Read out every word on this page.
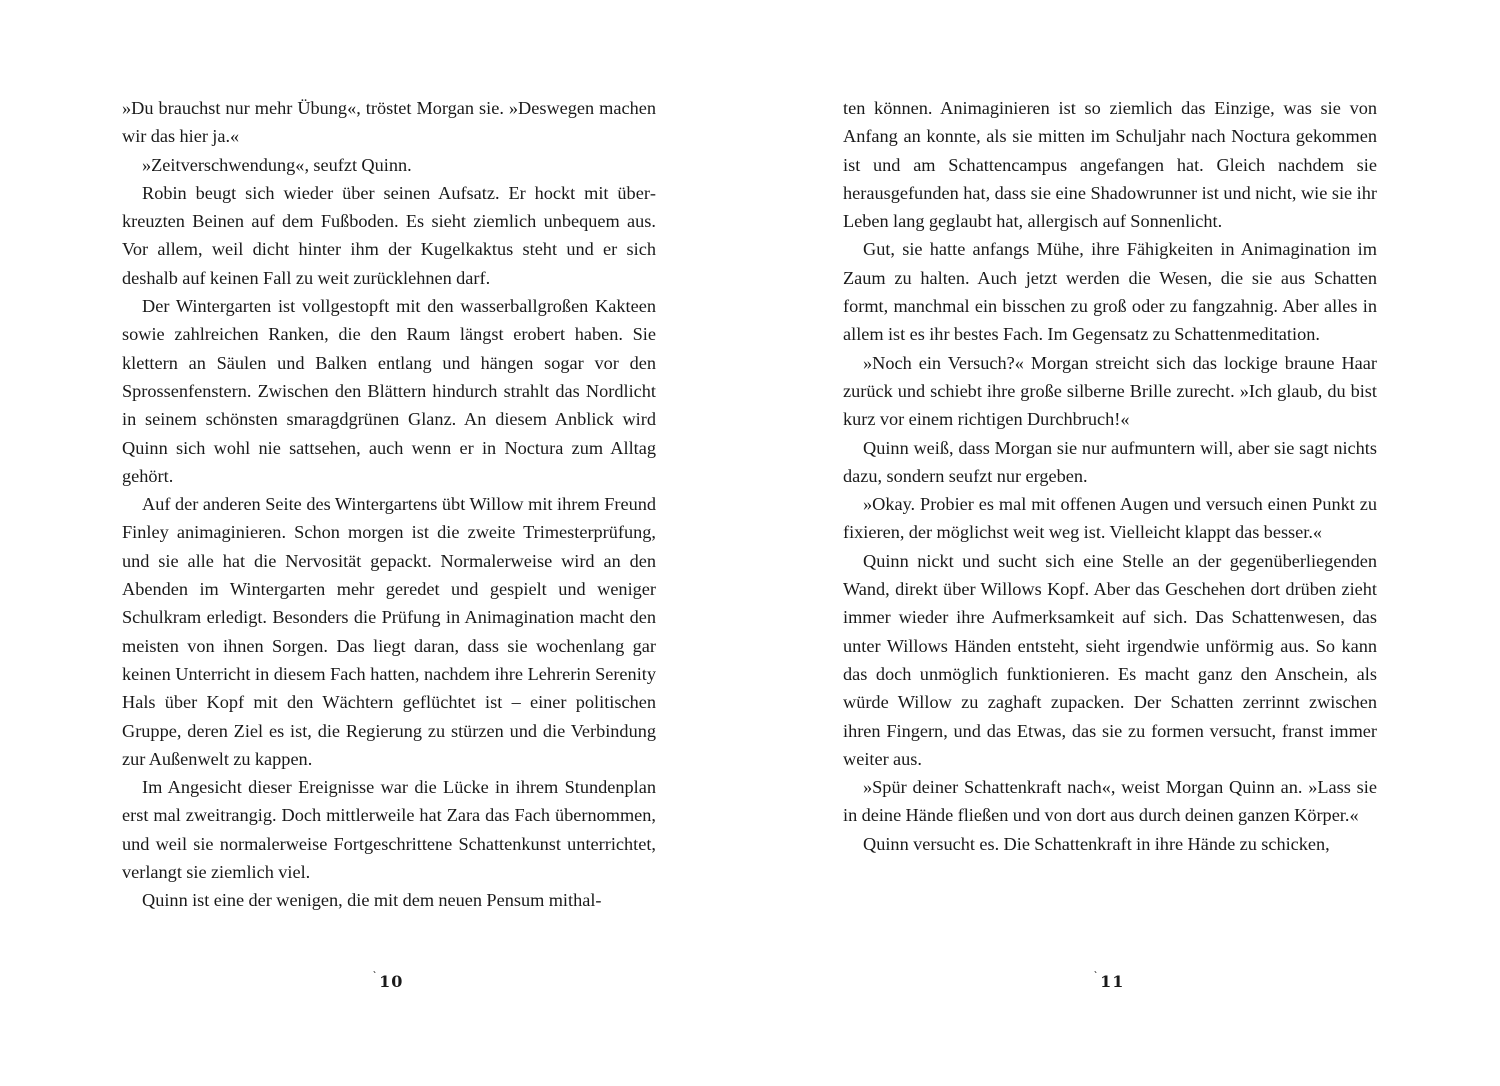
»Du brauchst nur mehr Übung«, tröstet Morgan sie. »Deswegen machen wir das hier ja.«

»Zeitverschwendung«, seufzt Quinn.

Robin beugt sich wieder über seinen Aufsatz. Er hockt mit überkreuzten Beinen auf dem Fußboden. Es sieht ziemlich unbequem aus. Vor allem, weil dicht hinter ihm der Kugelkaktus steht und er sich deshalb auf keinen Fall zu weit zurücklehnen darf.

Der Wintergarten ist vollgestopft mit den wasserballgroßen Kakteen sowie zahlreichen Ranken, die den Raum längst erobert haben. Sie klettern an Säulen und Balken entlang und hängen sogar vor den Sprossenfenstern. Zwischen den Blättern hindurch strahlt das Nordlicht in seinem schönsten smaragdgrünen Glanz. An diesem Anblick wird Quinn sich wohl nie sattsehen, auch wenn er in Noctura zum Alltag gehört.

Auf der anderen Seite des Wintergartens übt Willow mit ihrem Freund Finley animaginieren. Schon morgen ist die zweite Trimesterprüfung, und sie alle hat die Nervosität gepackt. Normalerweise wird an den Abenden im Wintergarten mehr geredet und gespielt und weniger Schulkram erledigt. Besonders die Prüfung in Animagination macht den meisten von ihnen Sorgen. Das liegt daran, dass sie wochenlang gar keinen Unterricht in diesem Fach hatten, nachdem ihre Lehrerin Serenity Hals über Kopf mit den Wächtern geflüchtet ist – einer politischen Gruppe, deren Ziel es ist, die Regierung zu stürzen und die Verbindung zur Außenwelt zu kappen.

Im Angesicht dieser Ereignisse war die Lücke in ihrem Stundenplan erst mal zweitrangig. Doch mittlerweile hat Zara das Fach übernommen, und weil sie normalerweise Fortgeschrittene Schattenkunst unterrichtet, verlangt sie ziemlich viel.

Quinn ist eine der wenigen, die mit dem neuen Pensum mithal-

$^ˋ$10

ten können. Animaginieren ist so ziemlich das Einzige, was sie von Anfang an konnte, als sie mitten im Schuljahr nach Noctura gekommen ist und am Schattencampus angefangen hat. Gleich nachdem sie herausgefunden hat, dass sie eine Shadowrunner ist und nicht, wie sie ihr Leben lang geglaubt hat, allergisch auf Sonnenlicht.

Gut, sie hatte anfangs Mühe, ihre Fähigkeiten in Animagination im Zaum zu halten. Auch jetzt werden die Wesen, die sie aus Schatten formt, manchmal ein bisschen zu groß oder zu fangzahnig. Aber alles in allem ist es ihr bestes Fach. Im Gegensatz zu Schattenmeditation.

»Noch ein Versuch?« Morgan streicht sich das lockige braune Haar zurück und schiebt ihre große silberne Brille zurecht. »Ich glaub, du bist kurz vor einem richtigen Durchbruch!«

Quinn weiß, dass Morgan sie nur aufmuntern will, aber sie sagt nichts dazu, sondern seufzt nur ergeben.

»Okay. Probier es mal mit offenen Augen und versuch einen Punkt zu fixieren, der möglichst weit weg ist. Vielleicht klappt das besser.«

Quinn nickt und sucht sich eine Stelle an der gegenüberliegenden Wand, direkt über Willows Kopf. Aber das Geschehen dort drüben zieht immer wieder ihre Aufmerksamkeit auf sich. Das Schattenwesen, das unter Willows Händen entsteht, sieht irgendwie unförmig aus. So kann das doch unmöglich funktionieren. Es macht ganz den Anschein, als würde Willow zu zaghaft zupacken. Der Schatten zerrinnt zwischen ihren Fingern, und das Etwas, das sie zu formen versucht, franst immer weiter aus.

»Spür deiner Schattenkraft nach«, weist Morgan Quinn an. »Lass sie in deine Hände fließen und von dort aus durch deinen ganzen Körper.«

Quinn versucht es. Die Schattenkraft in ihre Hände zu schicken,

$^ˋ$11
